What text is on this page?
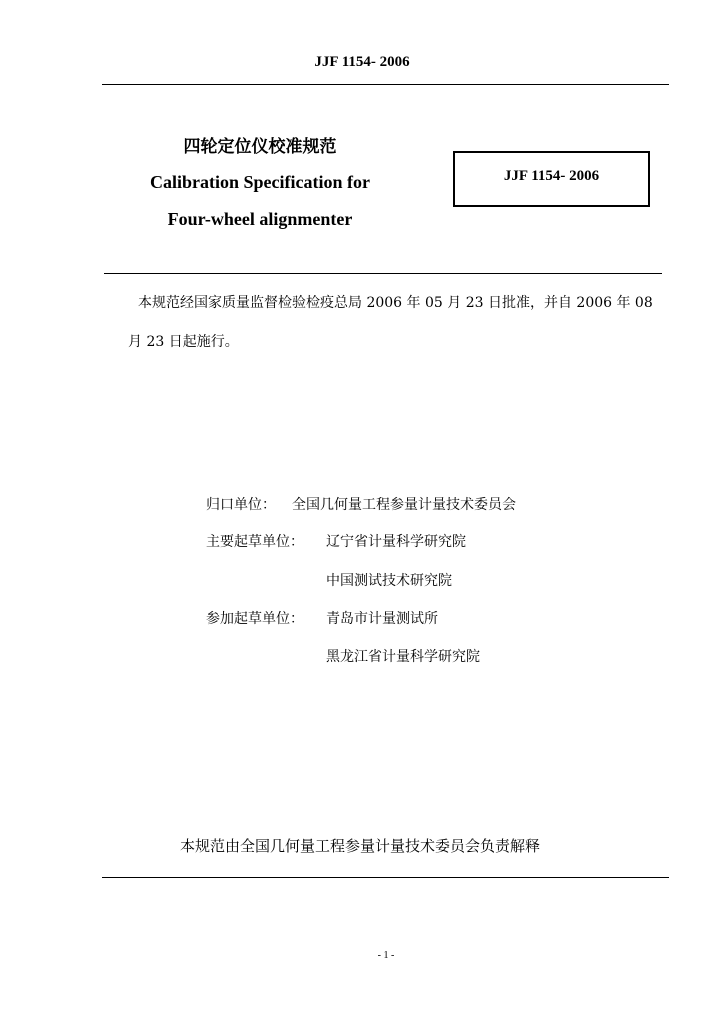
JJF 1154- 2006
四轮定位仪校准规范
Calibration Specification for
Four-wheel alignmenter
JJF 1154- 2006
本规范经国家质量监督检验检疫总局 2006 年 05 月 23 日批准，并自 2006 年 08 月 23 日起施行。
归口单位： 全国几何量工程参量计量技术委员会
主要起草单位： 辽宁省计量科学研究院
中国测试技术研究院
参加起草单位： 青岛市计量测试所
黑龙江省计量科学研究院
本规范由全国几何量工程参量计量技术委员会负责解释
- 1 -
